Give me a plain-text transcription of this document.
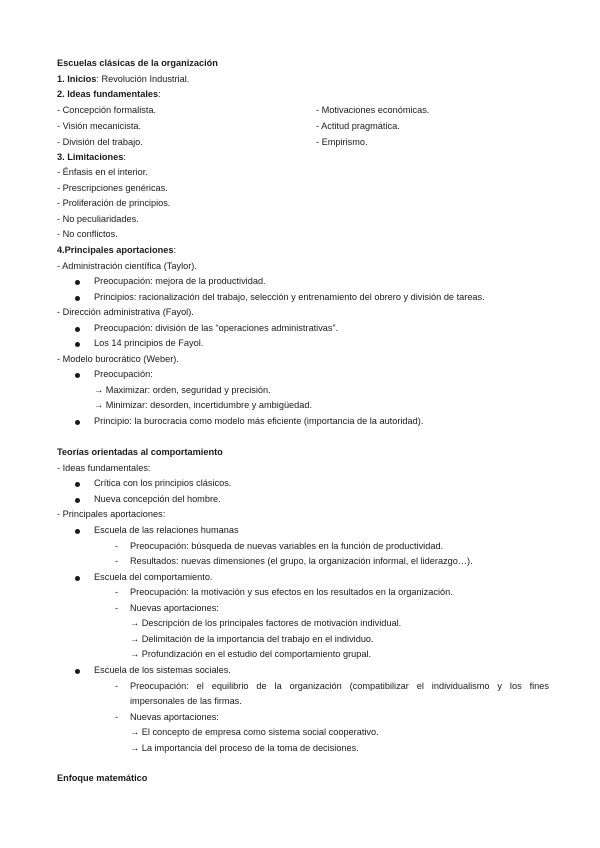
Escuelas clásicas de la organización
1. Inicios: Revolución Industrial.
2. Ideas fundamentales:
- Concepción formalista.
- Visión mecanicista.
- División del trabajo.
- Motivaciones económicas.
- Actitud pragmática.
- Empirismo.
3. Limitaciones:
- Énfasis en el interior.
- Prescripciones genéricas.
- Proliferación de principios.
- No peculiaridades.
- No conflictos.
4.Principales aportaciones:
- Administración científica (Taylor).
Preocupación: mejora de la productividad.
Principios: racionalización del trabajo, selección y entrenamiento del obrero y división de tareas.
- Dirección administrativa (Fayol).
Preocupación: división de las “operaciones administrativas”.
Los 14 principios de Fayol.
- Modelo burocrático (Weber).
Preocupación:
→ Maximizar: orden, seguridad y precisión.
→ Minimizar: desorden, incertidumbre y ambigüedad.
Principio: la burocracia como modelo más eficiente (importancia de la autoridad).
Teorías orientadas al comportamiento
- Ideas fundamentales:
Crítica con los principios clásicos.
Nueva concepción del hombre.
- Principales aportaciones:
Escuela de las relaciones humanas
- Preocupación: búsqueda de nuevas variables en la función de productividad.
- Resultados: nuevas dimensiones (el grupo, la organización informal, el liderazgo…).
Escuela del comportamiento.
- Preocupación: la motivación y sus efectos en los resultados en la organización.
- Nuevas aportaciones:
→ Descripción de los principales factores de motivación individual.
→ Delimitación de la importancia del trabajo en el individuo.
→ Profundización en el estudio del comportamiento grupal.
Escuela de los sistemas sociales.
- Preocupación: el equilibrio de la organización (compatibilizar el individualismo y los fines
impersonales de las firmas.
- Nuevas aportaciones:
→ El concepto de empresa como sistema social cooperativo.
→ La importancia del proceso de la toma de decisiones.
Enfoque matemático
